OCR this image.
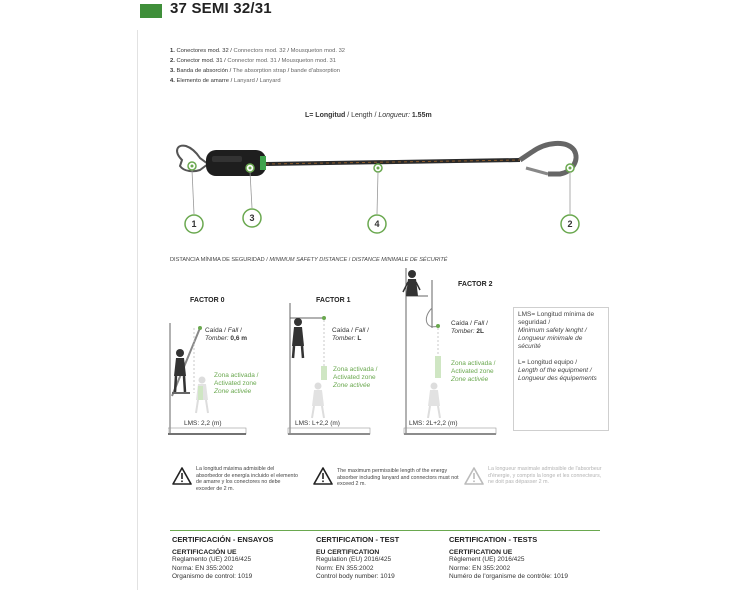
37 SEMI 32/31
1. Conectores mod. 32 / Connectors mod. 32 / Mousqueton mod. 32
2. Conector mod. 31 / Connector mod. 31 / Mousqueton mod. 31
3. Banda de absorción / The absorption strap / bande d'absorption
4. Elemento de amarre / Lanyard / Lanyard
L= Longitud / Length / Longueur: 1.55m
1
3
4	2
DISTANCIA MÍNIMA DE SEGURIDAD / MINIMUM SAFETY DISTANCE / DISTANCE MINIMALE DE SÉCURITÉ
FACTOR 0
Caída / Fall /
Tomber: 0,6 m
Zona activada /
Activated zone
Zone activée
LMS: 2,2 (m)
FACTOR 1
Caída / Fall /
Tomber: L
Zona activada /
Activated zone
Zone activée
LMS: L+2,2 (m)
FACTOR 2
Caída / Fall /
Tomber: 2L
Zona activada /
Activated zone
Zone activée
LMS: 2L+2,2 (m)
LMS= Longitud mínima de seguridad /
Minimum safety lenght /
Longueur minimale de sécurité
L= Longitud equipo /
Length of the equipment /
Longueur des équipements
La longitud máxima admisible del absorbedor de energía incluido el elemento de amarre y los conectores no debe exceder de 2 m.
The maximum permissible length of the energy absorber including lanyard and connectors must not exceed 2 m.
La longueur maximale admissible de l'absorbeur d'énergie, y compris la longe et les connecteurs, ne doit pas dépasser 2 m.
CERTIFICACIÓN - ENSAYOS
CERTIFICACIÓN UE
Reglamento (UE) 2016/425
Norma: EN 355:2002
Organismo de control: 1019
CERTIFICATION - TEST
EU CERTIFICATION
Regulation (EU) 2016/425
Norm: EN 355:2002
Control body number: 1019
CERTIFICATION - TESTS
CERTIFICATION UE
Règlement (UE) 2016/425
Norme: EN 355:2002
Numéro de l'organisme de contrôle: 1019
